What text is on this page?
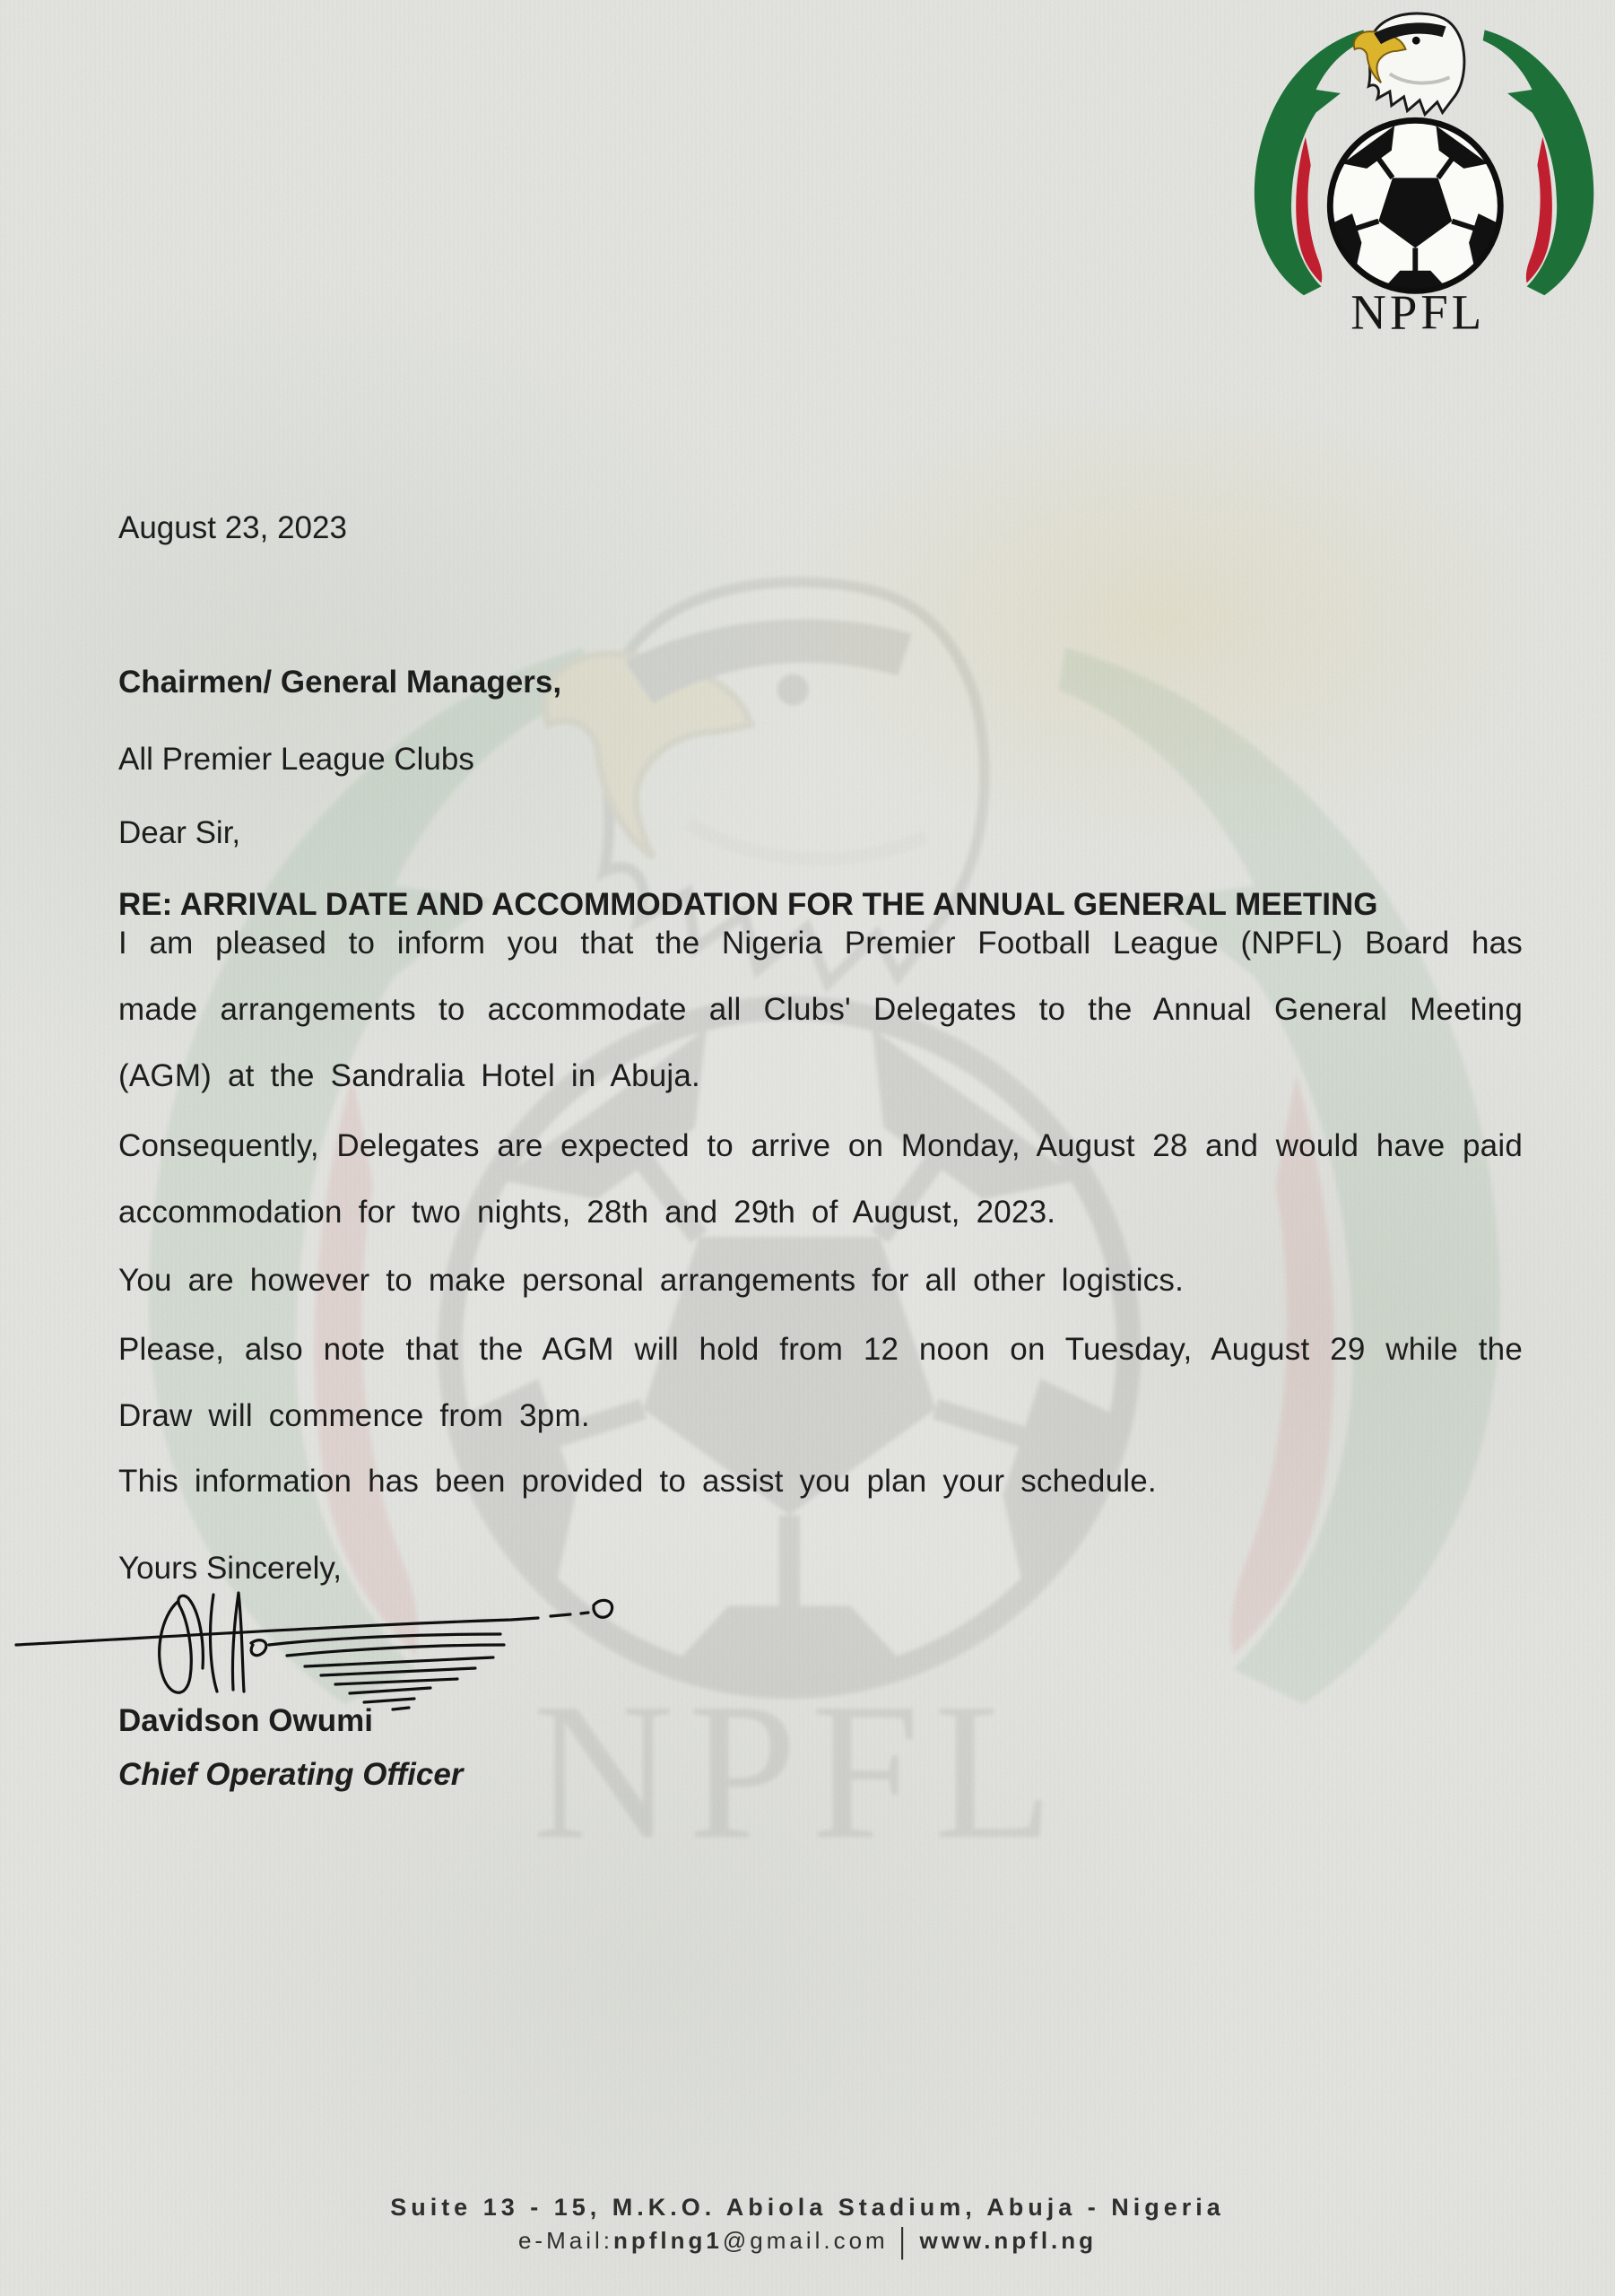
August 23, 2023
Chairmen/ General Managers,
All Premier League Clubs
Dear Sir,
RE: ARRIVAL DATE AND ACCOMMODATION FOR THE ANNUAL GENERAL MEETING

I am pleased to inform you that the Nigeria Premier Football League (NPFL) Board has made arrangements to accommodate all Clubs' Delegates to the Annual General Meeting (AGM) at the Sandralia Hotel in Abuja.

Consequently, Delegates are expected to arrive on Monday, August 28 and would have paid accommodation for two nights, 28th and 29th of August, 2023.

You are however to make personal arrangements for all other logistics.

Please, also note that the AGM will hold from 12 noon on Tuesday, August 29 while the Draw will commence from 3pm.

This information has been provided to assist you plan your schedule.

Yours Sincerely,
Davidson Owumi
Chief Operating Officer
Suite 13 - 15, M.K.O. Abiola Stadium, Abuja - Nigeria
e-Mail:npflng1@gmail.com | www.npfl.ng
